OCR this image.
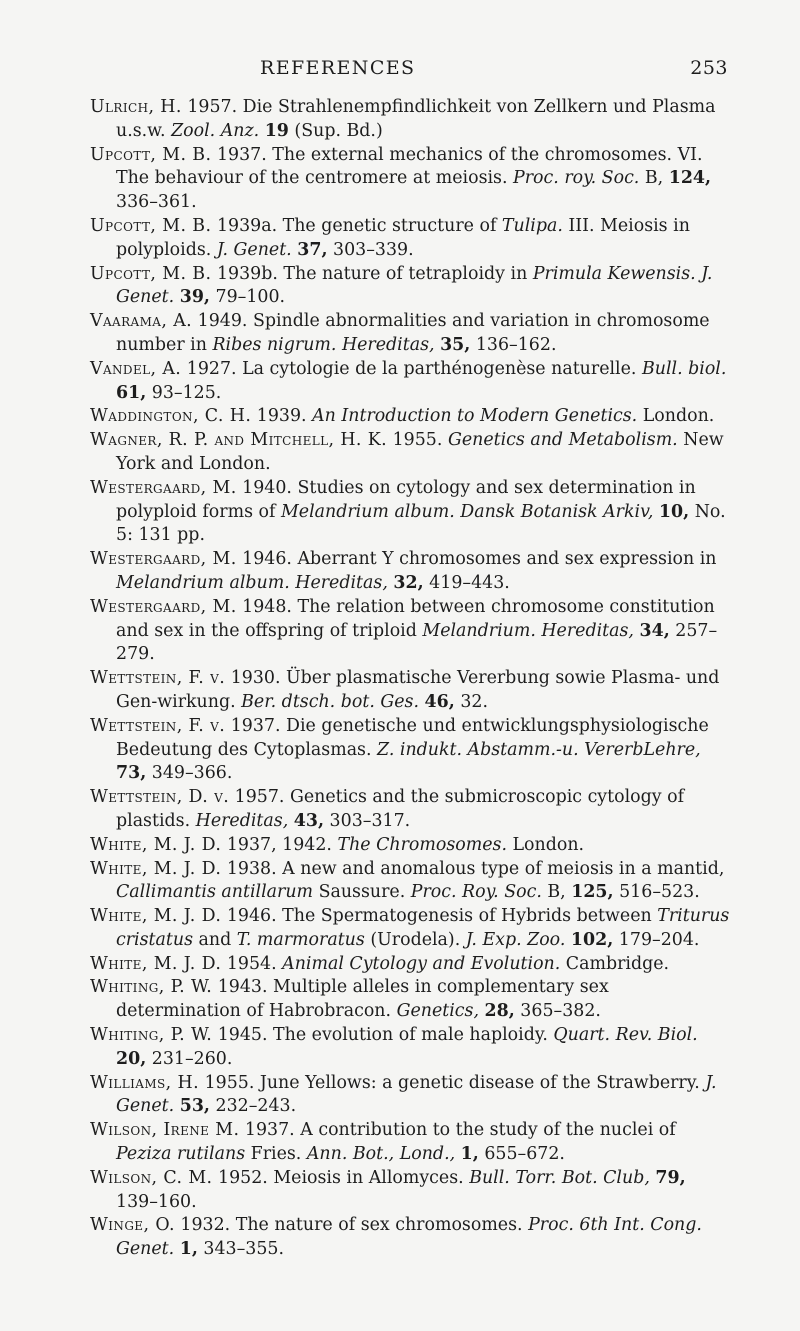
REFERENCES	253
Ulrich, H. 1957. Die Strahlenempfindlichkeit von Zellkern und Plasma u.s.w. Zool. Anz. 19 (Sup. Bd.)
Upcott, M. B. 1937. The external mechanics of the chromosomes. VI. The behaviour of the centromere at meiosis. Proc. roy. Soc. B, 124, 336–361.
Upcott, M. B. 1939a. The genetic structure of Tulipa. III. Meiosis in polyploids. J. Genet. 37, 303–339.
Upcott, M. B. 1939b. The nature of tetraploidy in Primula Kewensis. J. Genet. 39, 79–100.
Vaarama, A. 1949. Spindle abnormalities and variation in chromosome number in Ribes nigrum. Hereditas, 35, 136–162.
Vandel, A. 1927. La cytologie de la parthénogenèse naturelle. Bull. biol. 61, 93–125.
Waddington, C. H. 1939. An Introduction to Modern Genetics. London.
Wagner, R. P. and Mitchell, H. K. 1955. Genetics and Metabolism. New York and London.
Westergaard, M. 1940. Studies on cytology and sex determination in polyploid forms of Melandrium album. Dansk Botanisk Arkiv, 10, No. 5: 131 pp.
Westergaard, M. 1946. Aberrant Y chromosomes and sex expression in Melandrium album. Hereditas, 32, 419–443.
Westergaard, M. 1948. The relation between chromosome constitution and sex in the offspring of triploid Melandrium. Hereditas, 34, 257–279.
Wettstein, F. v. 1930. Über plasmatische Vererbung sowie Plasma- und Gen-wirkung. Ber. dtsch. bot. Ges. 46, 32.
Wettstein, F. v. 1937. Die genetische und entwicklungsphysiologische Bedeutung des Cytoplasmas. Z. indukt. Abstamm.-u. VererbLehre, 73, 349–366.
Wettstein, D. v. 1957. Genetics and the submicroscopic cytology of plastids. Hereditas, 43, 303–317.
White, M. J. D. 1937, 1942. The Chromosomes. London.
White, M. J. D. 1938. A new and anomalous type of meiosis in a mantid, Callimantis antillarum Saussure. Proc. Roy. Soc. B, 125, 516–523.
White, M. J. D. 1946. The Spermatogenesis of Hybrids between Triturus cristatus and T. marmoratus (Urodela). J. Exp. Zoo. 102, 179–204.
White, M. J. D. 1954. Animal Cytology and Evolution. Cambridge.
Whiting, P. W. 1943. Multiple alleles in complementary sex determination of Habrobracon. Genetics, 28, 365–382.
Whiting, P. W. 1945. The evolution of male haploidy. Quart. Rev. Biol. 20, 231–260.
Williams, H. 1955. June Yellows: a genetic disease of the Strawberry. J. Genet. 53, 232–243.
Wilson, Irene M. 1937. A contribution to the study of the nuclei of Peziza rutilans Fries. Ann. Bot., Lond., 1, 655–672.
Wilson, C. M. 1952. Meiosis in Allomyces. Bull. Torr. Bot. Club, 79, 139–160.
Winge, O. 1932. The nature of sex chromosomes. Proc. 6th Int. Cong. Genet. 1, 343–355.
